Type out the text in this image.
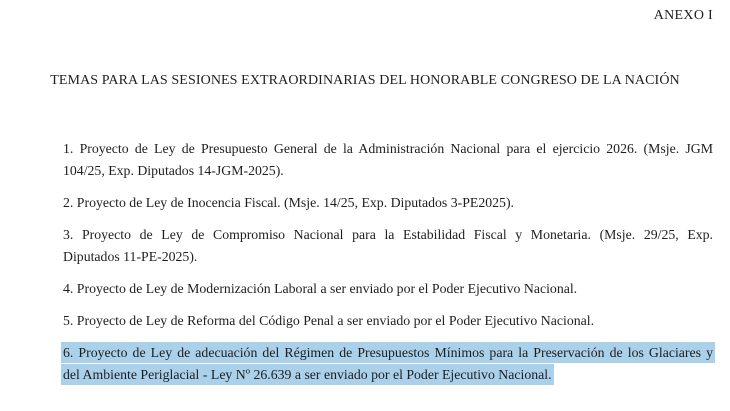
ANEXO I
TEMAS PARA LAS SESIONES EXTRAORDINARIAS DEL HONORABLE CONGRESO DE LA NACIÓN
1. Proyecto de Ley de Presupuesto General de la Administración Nacional para el ejercicio 2026. (Msje. JGM
104/25, Exp. Diputados 14-JGM-2025).
2. Proyecto de Ley de Inocencia Fiscal. (Msje. 14/25, Exp. Diputados 3-PE2025).
3. Proyecto de Ley de Compromiso Nacional para la Estabilidad Fiscal y Monetaria. (Msje. 29/25, Exp.
Diputados 11-PE-2025).
4. Proyecto de Ley de Modernización Laboral a ser enviado por el Poder Ejecutivo Nacional.
5. Proyecto de Ley de Reforma del Código Penal a ser enviado por el Poder Ejecutivo Nacional.
6. Proyecto de Ley de adecuación del Régimen de Presupuestos Mínimos para la Preservación de los Glaciares y
del Ambiente Periglacial - Ley Nº 26.639 a ser enviado por el Poder Ejecutivo Nacional.
